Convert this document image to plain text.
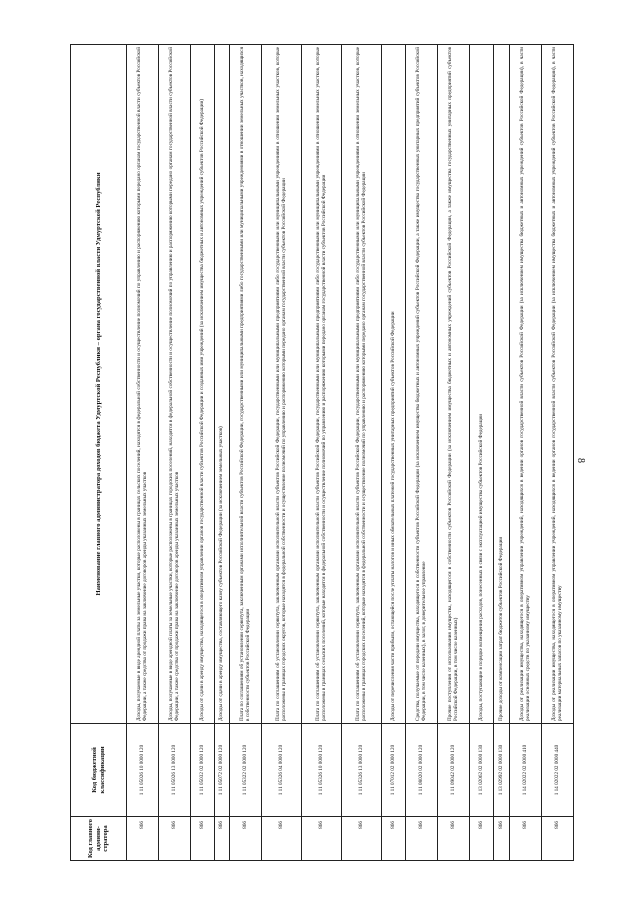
8
Код главного админи-стратора	Код бюджетной классификации	Наименование главного администратора доходов бюджета Удмуртской Республики – органа государственной власти Удмуртской Республики
866	1 11 05026 10 0000 120	Доходы, получаемые в виде арендной платы за земельные участки, которые расположены в границах сельских поселений, находятся в федеральной собственности и осуществление полномочий по управлению и распоряжению которыми передано органам государственной власти субъектов Российской Федерации, а также средства от продажи права на заключение договоров аренды указанных земельных участков
866	1 11 05026 13 0000 120	Доходы, получаемые в виде арендной платы за земельные участки, которые расположены в границах городских поселений, находятся в федеральной собственности и осуществление полномочий по управлению и распоряжению которыми передано органам государственной власти субъектов Российской Федерации, а также средства от продажи права на заключение договоров аренды указанных земельных участков
866	1 11 05032 02 0000 120	Доходы от сдачи в аренду имущества, находящегося в оперативном управлении органов государственной власти субъектов Российской Федерации и созданных ими учреждений (за исключением имущества бюджетных и автономных учреждений субъектов Российской Федерации)
866	1 11 05072 02 0000 120	Доходы от сдачи в аренду имущества, составляющего казну субъектов Российской Федерации (за исключением земельных участков)
866	1 11 05322 02 0000 120	Плата по соглашениям об установлении сервитута, заключенным органами исполнительной власти субъектов Российской Федерации, государственными или муниципальными предприятиями либо государственными или муниципальными учреждениями в отношении земельных участков, находящихся в собственности субъектов Российской Федерации
866	1 11 05326 04 0000 120	Плата по соглашениям об установлении сервитута, заключенным органами исполнительной власти субъектов Российской Федерации, государственными или муниципальными предприятиями либо государственными или муниципальными учреждениями в отношении земельных участков, которые расположены в границах городских округов, которые находятся в федеральной собственности и осуществление полномочий по управлению и распоряжению которыми передано органам государственной власти субъектов Российской Федерации
866	1 11 05326 10 0000 120	Плата по соглашениям об установлении сервитута, заключенным органами исполнительной власти субъектов Российской Федерации, государственными или муниципальными предприятиями либо государственными или муниципальными учреждениями в отношении земельных участков, которые расположены в границах сельских поселений, которые находятся в федеральной собственности и осуществление полномочий по управлению и распоряжению которыми передано органам государственной власти субъектов Российской Федерации
866	1 11 05326 13 0000 120	Плата по соглашениям об установлении сервитута, заключенным органами исполнительной власти субъектов Российской Федерации, государственными или муниципальными предприятиями либо государственными или муниципальными учреждениями в отношении земельных участков, которые расположены в границах городских поселений, которые находятся в федеральной собственности и осуществление полномочий по управлению и распоряжению которыми передано органам государственной власти субъектов Российской Федерации
866	1 11 07012 02 0000 120	Доходы от перечисления части прибыли, остающейся после уплаты налогов и иных обязательных платежей государственных унитарных предприятий субъектов Российской Федерации
866	1 11 08020 02 0000 120	Средства, получаемые от передачи имущества, находящегося в собственности субъектов Российской Федерации (за исключением имущества бюджетных и автономных учреждений субъектов Российской Федерации, а также имущества государственных унитарных предприятий субъектов Российской Федерации, в том числе казенных), в залог, в доверительное управление
866	1 11 09042 02 0000 120	Прочие поступления от использования имущества, находящегося в собственности субъектов Российской Федерации (за исключением имущества бюджетных и автономных учреждений субъектов Российской Федерации, а также имущества государственных унитарных предприятий субъектов Российской Федерации, в том числе казенных)
866	1 13 02062 02 0000 130	Доходы, поступающие в порядке возмещения расходов, понесенных в связи с эксплуатацией имущества субъектов Российской Федерации
866	1 13 02992 02 0000 130	Прочие доходы от компенсации затрат бюджетов субъектов Российской Федерации
866	1 14 02022 02 0000 410	Доходы от реализации имущества, находящегося в оперативном управлении учреждений, находящихся в ведении органов государственной власти субъектов Российской Федерации (за исключением имущества бюджетных и автономных учреждений субъектов Российской Федерации), в части реализации основных средств по указанному имуществу
866	1 14 02022 02 0000 440	Доходы от реализации имущества, находящегося в оперативном управлении учреждений, находящихся в ведении органов государственной власти субъектов Российской Федерации (за исключением имущества бюджетных и автономных учреждений субъектов Российской Федерации), в части реализации материальных запасов по указанному имуществу
